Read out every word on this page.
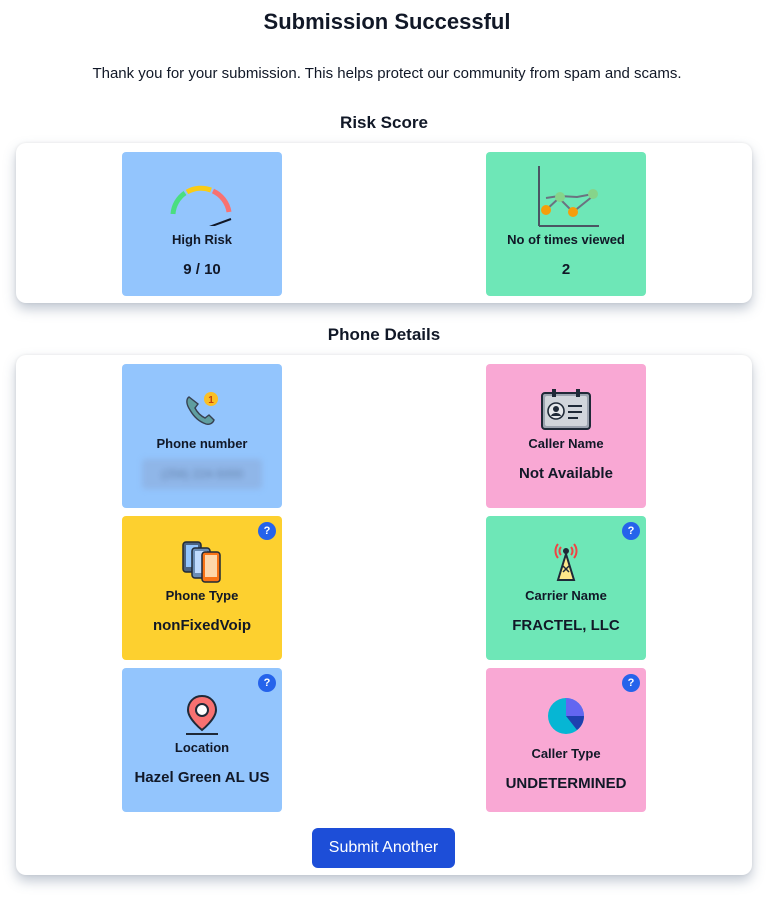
Submission Successful
Thank you for your submission. This helps protect our community from spam and scams.
Risk Score
High Risk
9 / 10
No of times viewed
2
Phone Details
1
Phone number
(256) 224-5000
Caller Name
Not Available
?
Phone Type
nonFixedVoip
?
Carrier Name
FRACTEL, LLC
?
Location
Hazel Green AL US
?
Caller Type
UNDETERMINED
Submit Another
